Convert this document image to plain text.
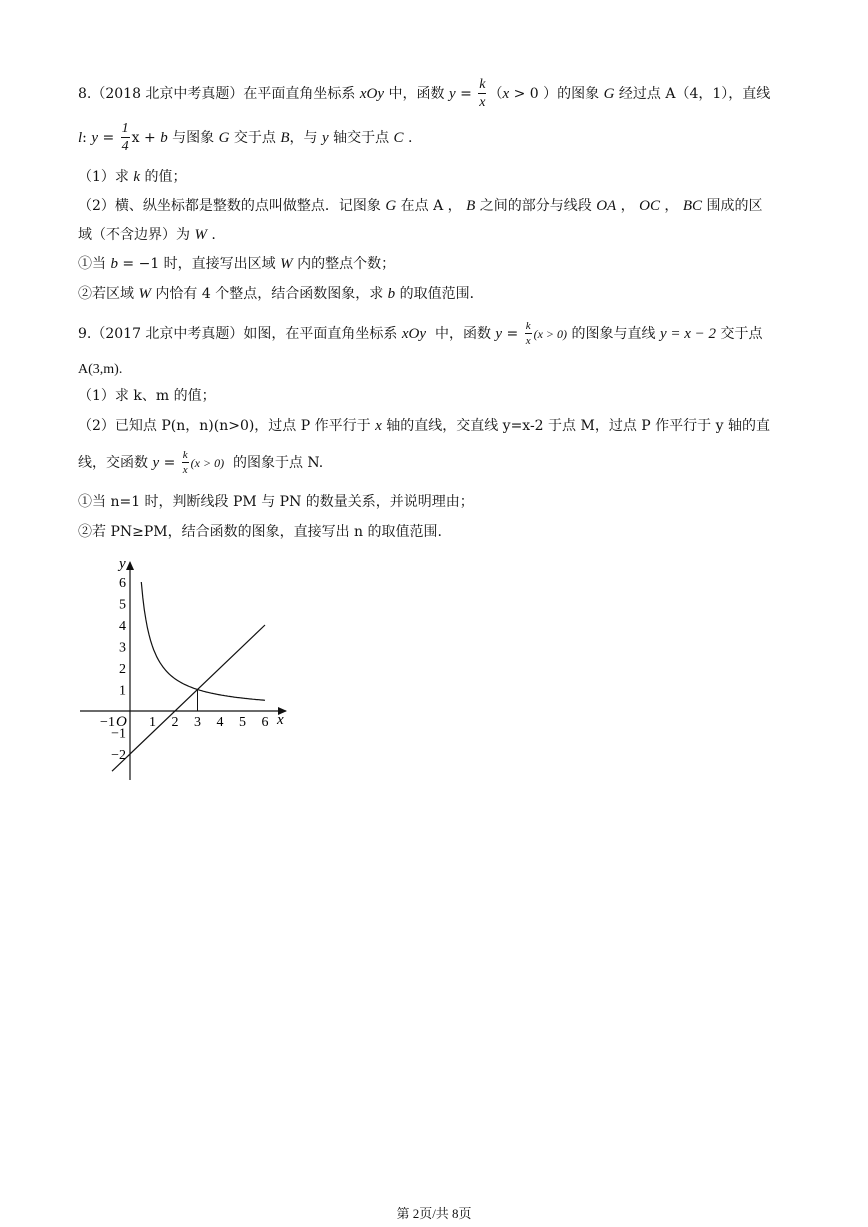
8.（2018 北京中考真题）在平面直角坐标系 xOy 中，函数 $y = \frac{k}{x} (x > 0$ ）的图象 G 经过点 A（4，1），直线
l: $y = \frac{1}{4}$ x + b 与图象 G 交于点 B，与 y 轴交于点 C .
（1）求 k 的值；
（2）横、纵坐标都是整数的点叫做整点．记图象 G 在点 A ， B 之间的部分与线段 OA ， OC ， BC 围成的区
域（不含边界）为 W .
①当 b = −1 时，直接写出区域 W 内的整点个数；
②若区域 W 内恰有 4 个整点，结合函数图象，求 b 的取值范围．
9.（2017 北京中考真题）如图，在平面直角坐标系 xOy  中，函数 $y = \frac{k}{x} (x > 0)$ 的图象与直线 y = x − 2 交于点
A(3,m).
（1）求 k、m 的值；
（2）已知点 P(n，n)(n>0)，过点 P 作平行于 x 轴的直线，交直线 y=x-2 于点 M，过点 P 作平行于 y 轴的直
线，交函数 $y = \frac{k}{x} (x > 0)$  的图象于点 N.
①当 n=1 时，判断线段 PM 与 PN 的数量关系，并说明理由；
②若 PN≥PM，结合函数的图象，直接写出 n 的取值范围.
y
x
O
6
5
4
3
2
1
−1
−2
−1 1 2 3 4 5 6
第 2页/共 8页
